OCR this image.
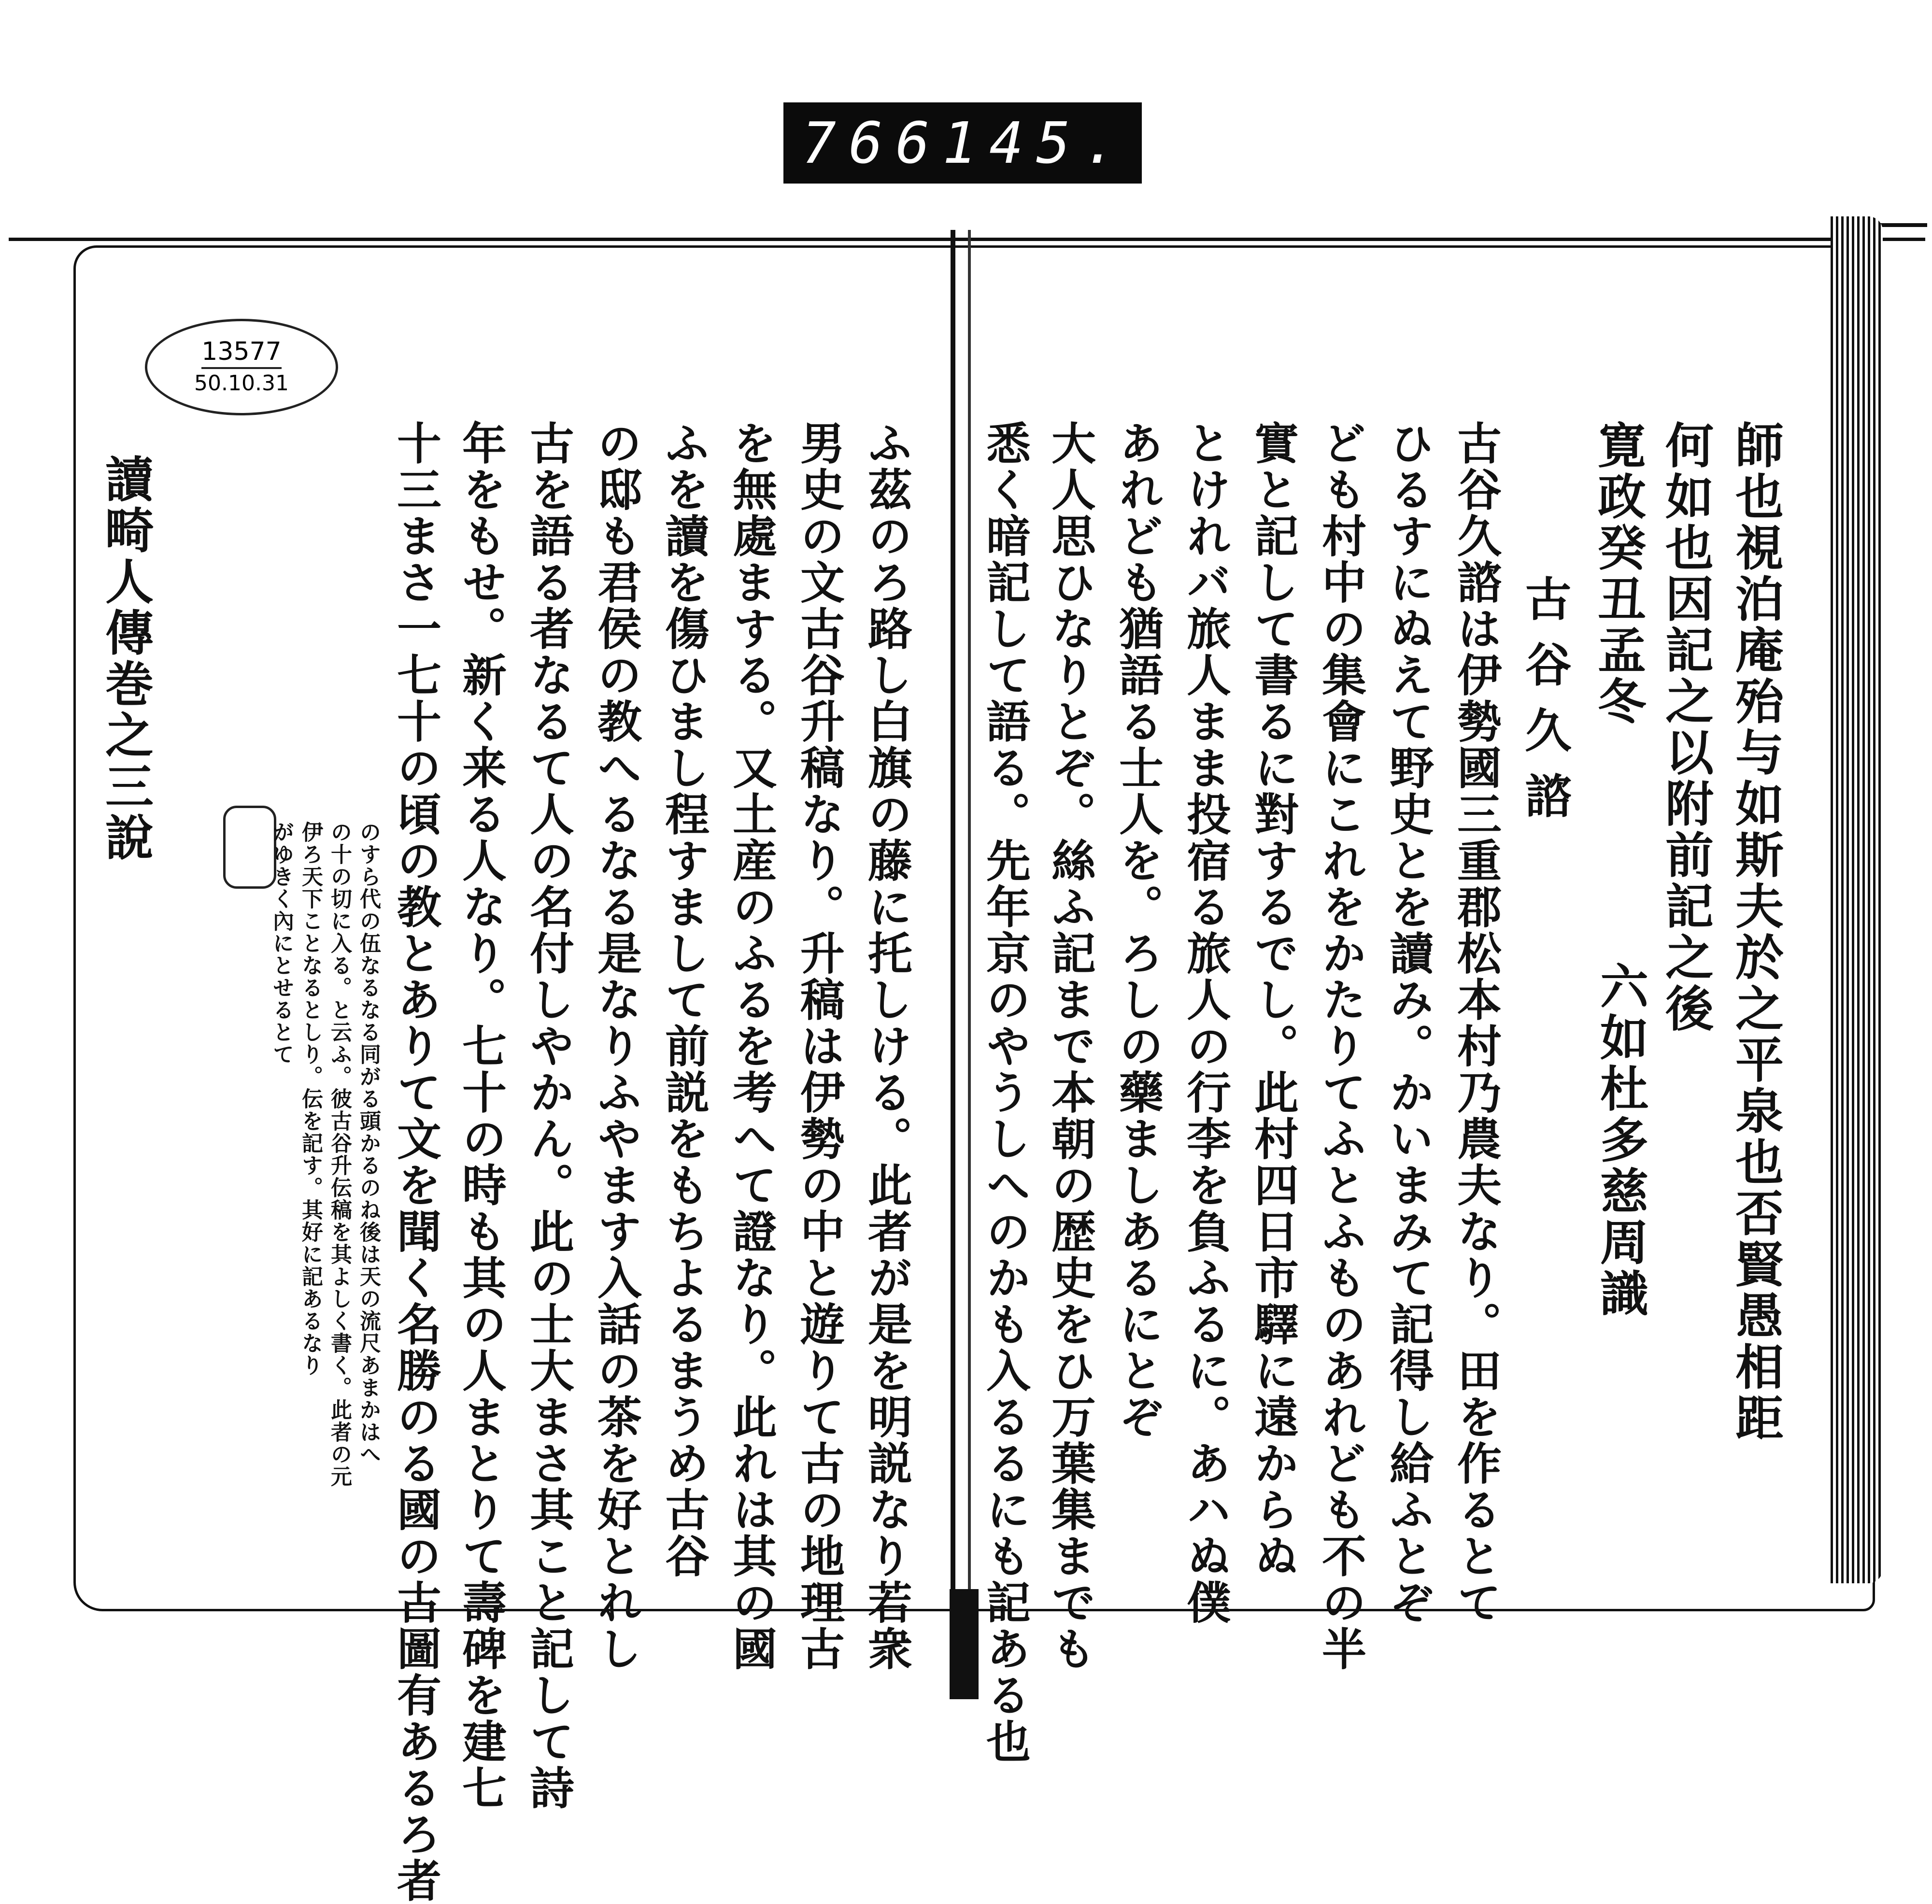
766 145.
13577
50.10.31
師也視泊庵殆与如斯夫於之平泉也否賢愚相距
何如也因記之以附前記之後
寛政癸丑孟冬
六如杜多慈周識
古谷久諮
古谷久諮は伊勢國三重郡松本村乃農夫なり。田を作るとて
ひるすにぬえて野史とを讀み。かいまみて記得し給ふとぞ
ども村中の集會にこれをかたりてふとふものあれども不の半
實と記して書るに對するでし。此村四日市驛に遠からぬ
とけれバ旅人まま投宿る旅人の行李を負ふるに。あハぬ僕
あれども猶語る士人を。ろしの藥ましあるにとぞ
大人思ひなりとぞ。絲ふ記まで本朝の歴史をひ万葉集までも
悉く暗記して語る。先年京のやうしへのかも入るるにも記ある也
ふ茲のろ路し白旗の藤に托しける。此者が是を明説なり若衆
男史の文古谷升稿なり。升稿は伊勢の中と遊りて古の地理古
を無處まする。又土産のふるを考へて證なり。此れは其の國
ふを讀を傷ひまし程すまして前説をもちよるまうめ古谷
の邸も君侯の教へるなる是なりふやます入話の茶を好とれし
古を語る者なるて人の名付しやかん。此の士大まさ其こと記して詩
年をもせ。新く来る人なり。七十の時も其の人まとりて壽碑を建七
十三まさ一七十の頃の教とありて文を聞く名勝のる國の古圖有あるろ者
のすら代の伍なるなる同がる頭かるのね後は天の流尺あまかはへ
の十の切に入る。と云ふ。彼古谷升伝稿を其よしく書く。此者の元
伊ろ天下ことなるとしり。伝を記す。其好に記あるなり
がゆきく內にとせるとて
讀畸人傳巻之三說
